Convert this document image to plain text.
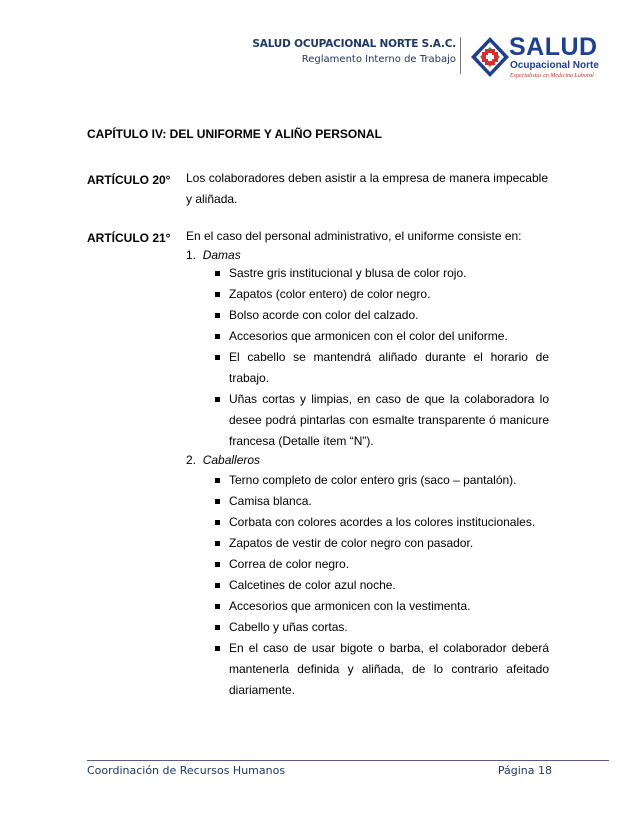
SALUD OCUPACIONAL NORTE S.A.C.
Reglamento Interno de Trabajo SALUD
Ocupacional Norte
Especialistas en Medicina Laboral
CAPÍTULO IV: DEL UNIFORME Y ALIÑO PERSONAL
ARTÍCULO 20° Los colaboradores deben asistir a la empresa de manera impecable y aliñada.
ARTÍCULO 21° En el caso del personal administrativo, el uniforme consiste en:
1. Damas
Sastre gris institucional y blusa de color rojo.
Zapatos (color entero) de color negro.
Bolso acorde con color del calzado.
Accesorios que armonicen con el color del uniforme.
El cabello se mantendrá aliñado durante el horario de trabajo.
Uñas cortas y limpias, en caso de que la colaboradora lo desee podrá pintarlas con esmalte transparente ó manicure francesa (Detalle ítem “N”).
2. Caballeros
Terno completo de color entero gris (saco – pantalón).
Camisa blanca.
Corbata con colores acordes a los colores institucionales.
Zapatos de vestir de color negro con pasador.
Correa de color negro.
Calcetines de color azul noche.
Accesorios que armonicen con la vestimenta.
Cabello y uñas cortas.
En el caso de usar bigote o barba, el colaborador deberá mantenerla definida y aliñada, de lo contrario afeitado diariamente.
Coordinación de Recursos Humanos	Página 18
